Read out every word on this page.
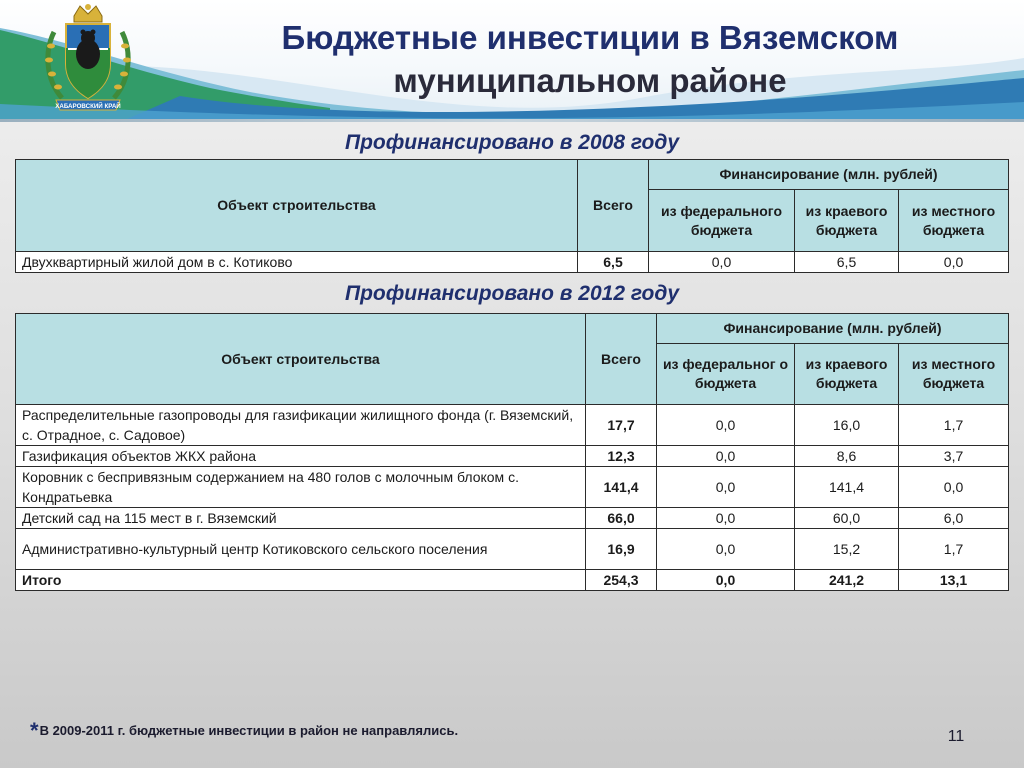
ХАБАРОВСКИЙ КРАЙ
Бюджетные инвестиции в Вяземском
муниципальном районе
Профинансировано в 2008 году
Объект строительства	Всего	Финансирование (млн. рублей)		
		из федерального бюджета	из краевого бюджета	из местного бюджета
Двухквартирный жилой дом в с. Котиково	6,5	0,0	6,5	0,0
Профинансировано в 2012 году
Объект строительства	Всего	Финансирование (млн. рублей)		
		из федеральног о бюджета	из краевого бюджета	из местного бюджета
Распределительные газопроводы для газификации жилищного фонда (г. Вяземский, с. Отрадное, с. Садовое)	17,7	0,0	16,0	1,7
Газификация объектов ЖКХ района	12,3	0,0	8,6	3,7
Коровник с беспривязным содержанием на 480 голов с молочным блоком с. Кондратьевка	141,4	0,0	141,4	0,0
Детский сад на 115 мест в г. Вяземский	66,0	0,0	60,0	6,0
Административно-культурный центр Котиковского сельского поселения	16,9	0,0	15,2	1,7
Итого	254,3	0,0	241,2	13,1
*В 2009-2011 г. бюджетные инвестиции в район не направлялись.	11
